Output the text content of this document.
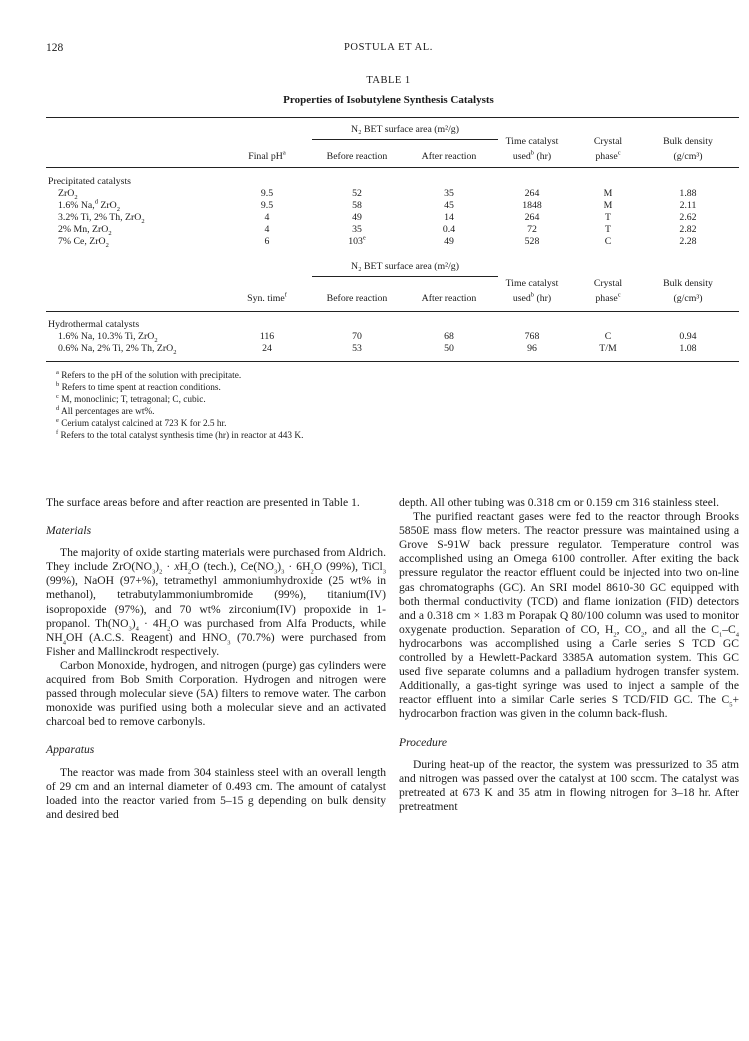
128	POSTULA ET AL.
TABLE 1
Properties of Isobutylene Synthesis Catalysts
N₂ BET surface area (m²/g)
Time catalyst	Crystal	Bulk density
Final $pH^a$	Before reaction	After reaction	used$^b$ (hr)	phase$^c$	(g/cm³)
Precipitated catalysts
ZrO$_2$	9.5	52	35	264	M	1.88
1.6% Na,$^d$ ZrO$_2$	9.5	58	45	1848	M	2.11
3.2% Ti, 2% Th, ZrO$_2$	4	49	14	264	T	2.62
2% Mn, ZrO$_2$	4	35	0.4	72	T	2.82
7% Ce, ZrO$_2$	6	103e	49	528	C	2.28
N₂ BET surface area (m²/g)
Time catalyst	Crystal	Bulk density
Syn. time$^f$	Before reaction	After reaction	used$^b$ (hr)	phase$^c$	(g/cm³)
Hydrothermal catalysts
1.6% Na, 10.3% Ti, ZrO$_2$	116	70	68	768	C	0.94
0.6% Na, 2% Ti, 2% Th, ZrO$_2$	24	53	50	96	T/M	1.08
$^a$ Refers to the pH of the solution with precipitate.
$^b$ Refers to time spent at reaction conditions.
$^c$ M, monoclinic; T, tetragonal; C, cubic.
$^d$ All percentages are wt%.
$^e$ Cerium catalyst calcined at 723 K for 2.5 hr.
$^f$ Refers to the total catalyst synthesis time (hr) in reactor at 443 K.

The surface areas before and after reaction are presented in Table 1.

Materials

The majority of oxide starting materials were purchased from Aldrich. They include $ZrO(NO_3)_2 \cdot xH_2O$ (tech.), $Ce(NO_3)_3 \cdot 6H_2O$ (99%), TiCl$_3$ (99%), NaOH (97+%), tetramethyl ammoniumhydroxide (25 wt% in methanol), tetrabutylammoniumbromide (99%), titanium(IV) isopropoxide (97%), and 70 wt% zirconium(IV) propoxide in 1-propanol. $Th(NO_3)_4 \cdot 4H_2O$ was purchased from Alfa Products, while $NH_4OH$ (A.C.S. Reagent) and $HNO_3$ (70.7%) were purchased from Fisher and Mallinckrodt respectively.

Carbon Monoxide, hydrogen, and nitrogen (purge) gas cylinders were acquired from Bob Smith Corporation. Hydrogen and nitrogen were passed through molecular sieve (5A) filters to remove water. The carbon monoxide was purified using both a molecular sieve and an activated charcoal bed to remove carbonyls.

Apparatus

The reactor was made from 304 stainless steel with an overall length of 29 cm and an internal diameter of 0.493 cm. The amount of catalyst loaded into the reactor varied from 5–15 g depending on bulk density and desired bed

depth. All other tubing was 0.318 cm or 0.159 cm 316 stainless steel.

The purified reactant gases were fed to the reactor through Brooks 5850E mass flow meters. The reactor pressure was maintained using a Grove S-91W back pressure regulator. Temperature control was accomplished using an Omega 6100 controller. After exiting the back pressure regulator the reactor effluent could be injected into two on-line gas chromatographs (GC). An SRI model 8610-30 GC equipped with both thermal conductivity (TCD) and flame ionization (FID) detectors and a 0.318 cm × 1.83 m Porapak Q 80/100 column was used to monitor oxygenate production. Separation of CO, $H_2$, $CO_2$, and all the $C_1-C_4$ hydrocarbons was accomplished using a Carle series S TCD GC controlled by a Hewlett-Packard 3385A automation system. This GC used five separate columns and a palladium hydrogen transfer system. Additionally, a gas-tight syringe was used to inject a sample of the reactor effluent into a similar Carle series S TCD/FID GC. The $C_5+$ hydrocarbon fraction was given in the column back-flush.

Procedure

During heat-up of the reactor, the system was pressurized to 35 atm and nitrogen was passed over the catalyst at 100 sccm. The catalyst was pretreated at 673 K and 35 atm in flowing nitrogen for 3–18 hr. After pretreatment
